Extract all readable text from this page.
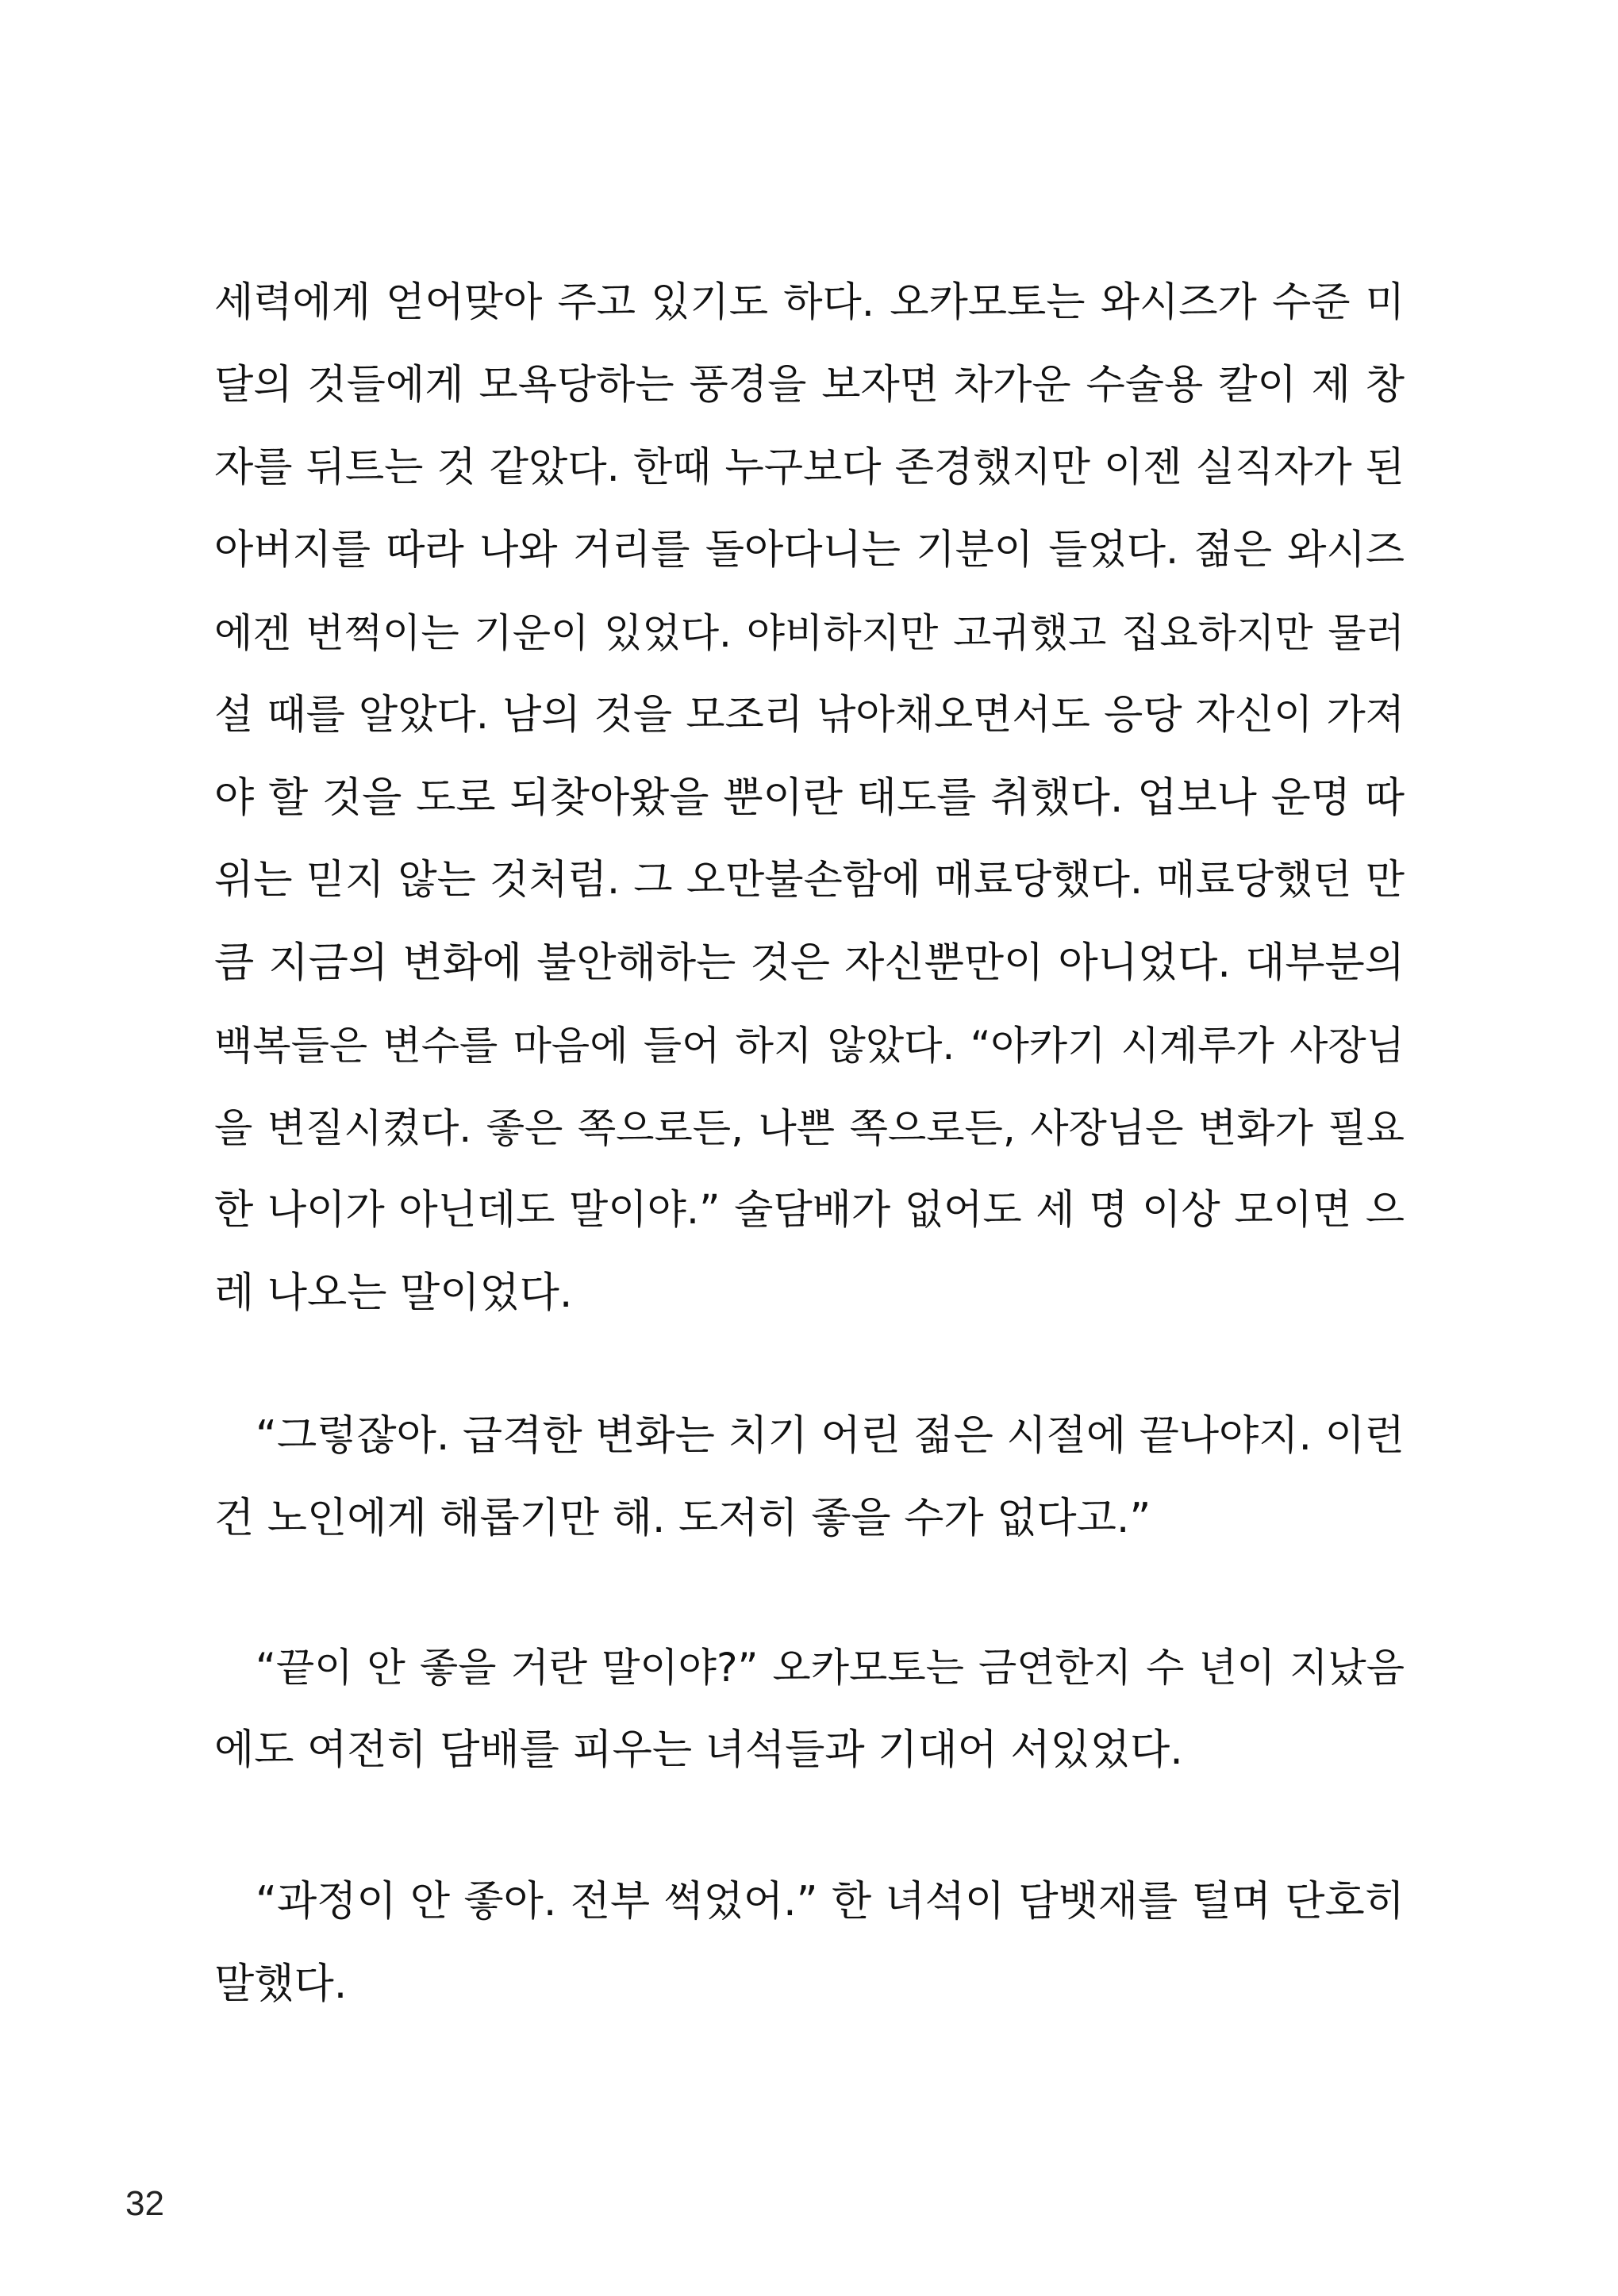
세력에게 얻어맞아 주고 있기도 하다. 오카모토는 와시즈가 수준 미
달의 것들에게 모욕당하는 풍경을 보자면 차가운 수술용 칼이 제 창
자를 뒤트는 것 같았다. 한때 누구보다 존경했지만 이젠 실직자가 된
아버지를 따라 나와 거리를 돌아다니는 기분이 들었다. 젊은 와시즈
에겐 번쩍이는 기운이 있었다. 야비하지만 고귀했고 집요하지만 물러
설 때를 알았다. 남의 것을 모조리 낚아채오면서도 응당 자신이 가져
야 할 것을 도로 되찾아왔을 뿐이란 태도를 취했다. 업보나 운명 따
위는 믿지 않는 것처럼. 그 오만불손함에 매료당했다. 매료당했던 만
큼 지금의 변화에 불안해하는 것은 자신뿐만이 아니었다. 대부분의
백복들은 변수를 마음에 들어 하지 않았다. “아카기 시계루가 사장님
을 변질시켰다. 좋은 쪽으로든, 나쁜 쪽으로든, 사장님은 변화가 필요
한 나이가 아닌데도 말이야.” 술담배가 없어도 세 명 이상 모이면 으
레 나오는 말이었다.
“그렇잖아. 급격한 변화는 치기 어린 젊은 시절에 끝나야지. 이런
건 노인에게 해롭기만 해. 도저히 좋을 수가 없다고.”
“끝이 안 좋을 거란 말이야?” 오카모토는 금연한지 수 년이 지났음
에도 여전히 담배를 피우는 녀석들과 기대어 서있었다.
“과정이 안 좋아. 전부 썩었어.” 한 녀석이 담뱃재를 털며 단호히
말했다.
32
